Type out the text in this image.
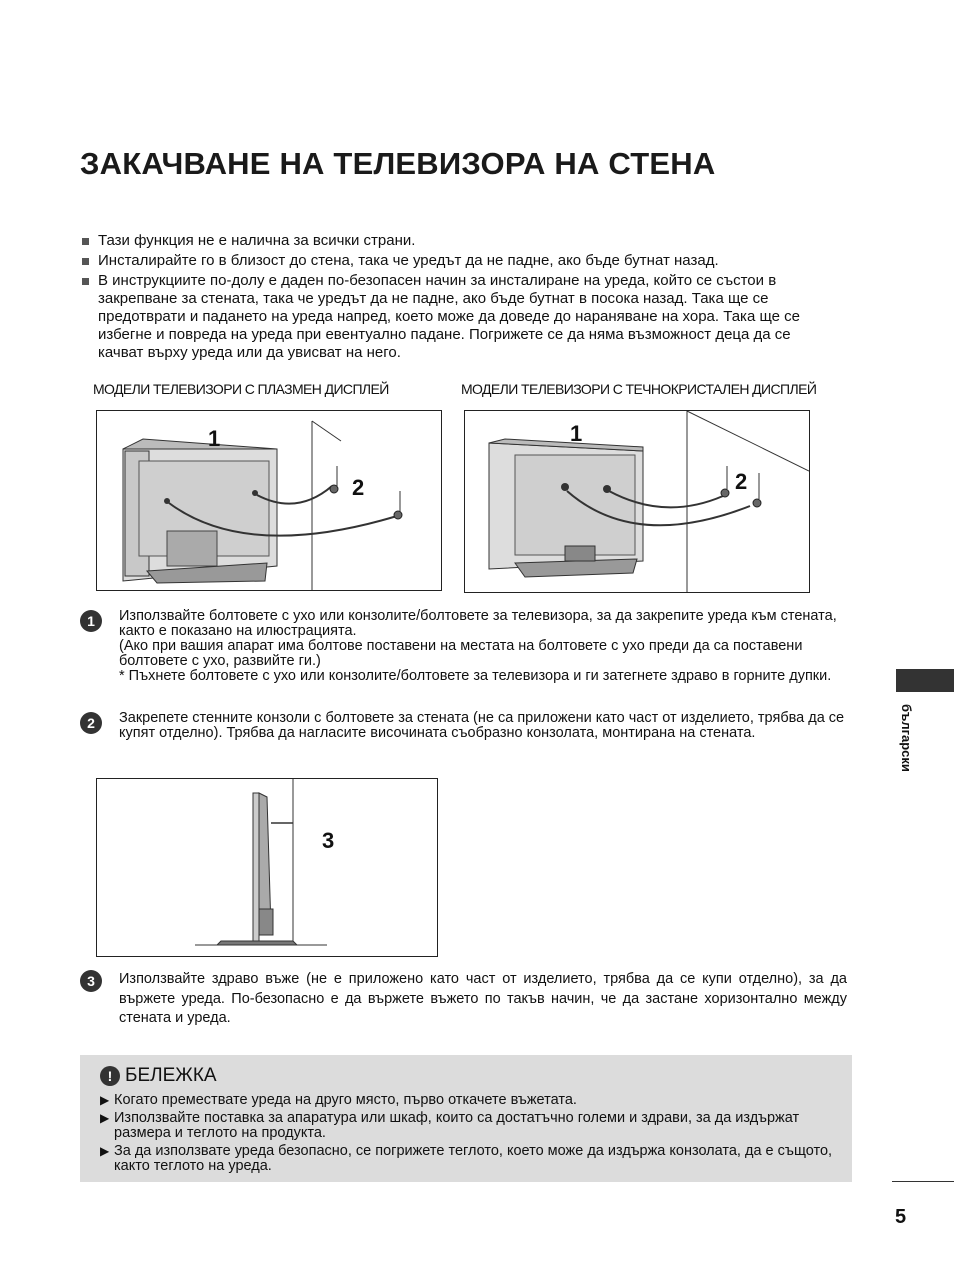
ЗАКАЧВАНЕ НА ТЕЛЕВИЗОРА НА СТЕНА
Тази функция не е налична за всички страни.
Инсталирайте го в близост до стена, така че уредът да не падне, ако бъде бутнат назад.
В инструкциите по-долу е даден по-безопасен начин за инсталиране на уреда, който се състои в закрепване за стената, така че уредът да не падне, ако бъде бутнат в посока назад. Така ще се предотврати и падането на уреда напред, което може да доведе до нараняване на хора. Така ще се избегне и повреда на уреда при евентуално падане. Погрижете се да няма възможност деца да се качват върху уреда или да увисват на него.
МОДЕЛИ ТЕЛЕВИЗОРИ С ПЛАЗМЕН ДИСПЛЕЙ	МОДЕЛИ ТЕЛЕВИЗОРИ С ТЕЧНОКРИСТАЛЕН ДИСПЛЕЙ
1
2
1
2
1	Използвайте болтовете с ухо или конзолите/болтовете за телевизора, за да закрепите уреда към стената, както е показано на илюстрацията.
(Ако при вашия апарат има болтове поставени на местата на болтовете с ухо преди да са поставени болтовете с ухо, развийте ги.)
* Пъхнете болтовете с ухо или конзолите/болтовете за телевизора и ги затегнете здраво в горните дупки.
2	Закрепете стенните конзоли с болтовете за стената (не са приложени като част от изделието, трябва да се купят отделно). Трябва да нагласите височината съобразно конзолата, монтирана на стената.
3
3	Използвайте здраво въже (не е приложено като част от изделието, трябва да се купи отделно), за да вържете уреда. По-безопасно е да вържете въжето по такъв начин, че да застане хоризонтално между стената и уреда.
! БЕЛЕЖКА
▶ Когато премествате уреда на друго място, първо откачете въжетата.
▶ Използвайте поставка за апаратура или шкаф, които са достатъчно големи и здрави, за да издържат размера и теглото на продукта.
▶ За да използвате уреда безопасно, се погрижете теглото, което може да издържа конзолата, да е същото, както теглото на уреда.
български
5
